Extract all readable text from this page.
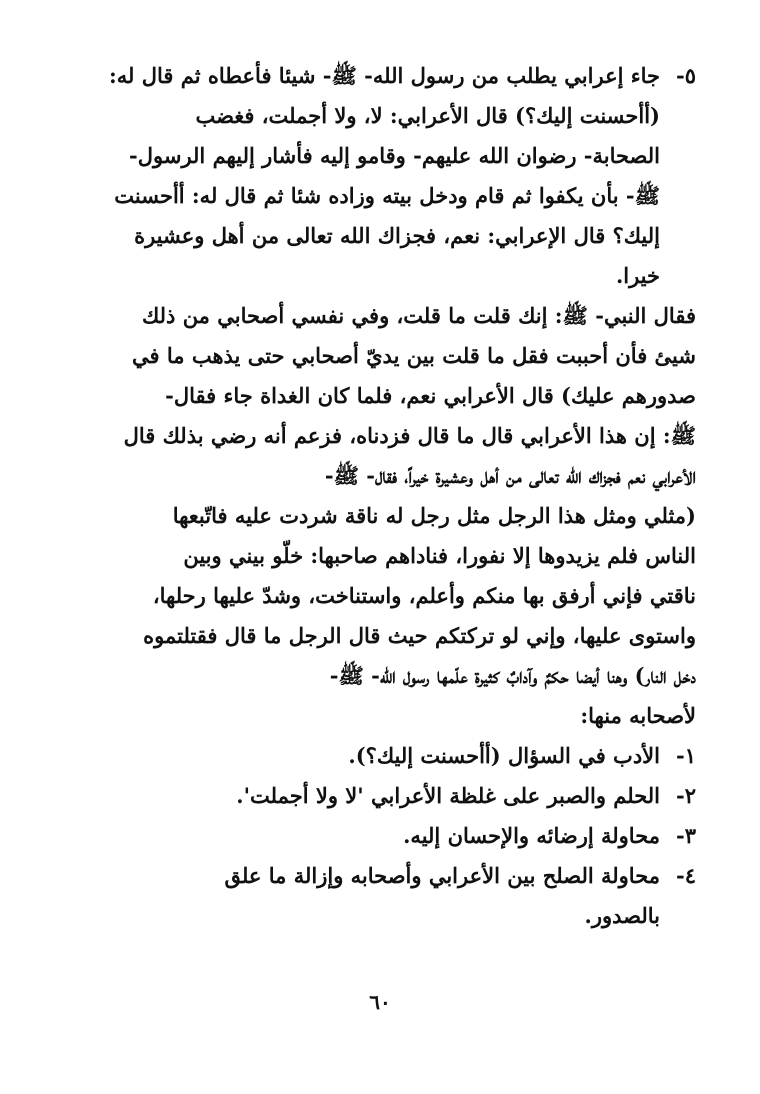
٥-
جاء إعرابي يطلب من رسول الله- ﷺ- شيئا فأعطاه ثم قال له:
(أأحسنت إليك؟) قال الأعرابي: لا، ولا أجملت، فغضب
الصحابة- رضوان الله عليهم- وقامو إليه فأشار إليهم الرسول-
ﷺ- بأن يكفوا ثم قام ودخل بيته وزاده شئا ثم قال له: أأحسنت
إليك؟ قال الإعرابي: نعم، فجزاك الله تعالى من أهل وعشيرة
خيرا.
فقال النبي- ﷺ: إنك قلت ما قلت، وفي نفسي أصحابي من ذلك
شيئ فأن أحببت فقل ما قلت بين يديّ أصحابي حتى يذهب ما في
صدورهم عليك) قال الأعرابي نعم، فلما كان الغداة جاء فقال-
ﷺ: إن هذا الأعرابي قال ما قال فزدناه، فزعم أنه رضي بذلك قال
الأعرابي نعم فجزاك الله تعالى من أهل وعشيرة خيراً، فقال- ﷺ-
(مثلي ومثل هذا الرجل مثل رجل له ناقة شردت عليه فاتّبعها
الناس فلم يزيدوها إلا نفورا، فناداهم صاحبها: خلّو بيني وبين
ناقتي فإني أرفق بها منكم وأعلم، واستناخت، وشدّ عليها رحلها،
واستوى عليها، وإني لو تركتكم حيث قال الرجل ما قال فقتلتموه
دخل النار) وهنا أيضا حكمٌ وآدابٌ كثيرة علّمها رسول الله- ﷺ-
لأصحابه منها:
١-
الأدب في السؤال (أأحسنت إليك؟).
٢-
الحلم والصبر على غلظة الأعرابي 'لا ولا أجملت'.
٣-
محاولة إرضائه والإحسان إليه.
٤-
محاولة الصلح بين الأعرابي وأصحابه وإزالة ما علق
بالصدور.
٦٠
